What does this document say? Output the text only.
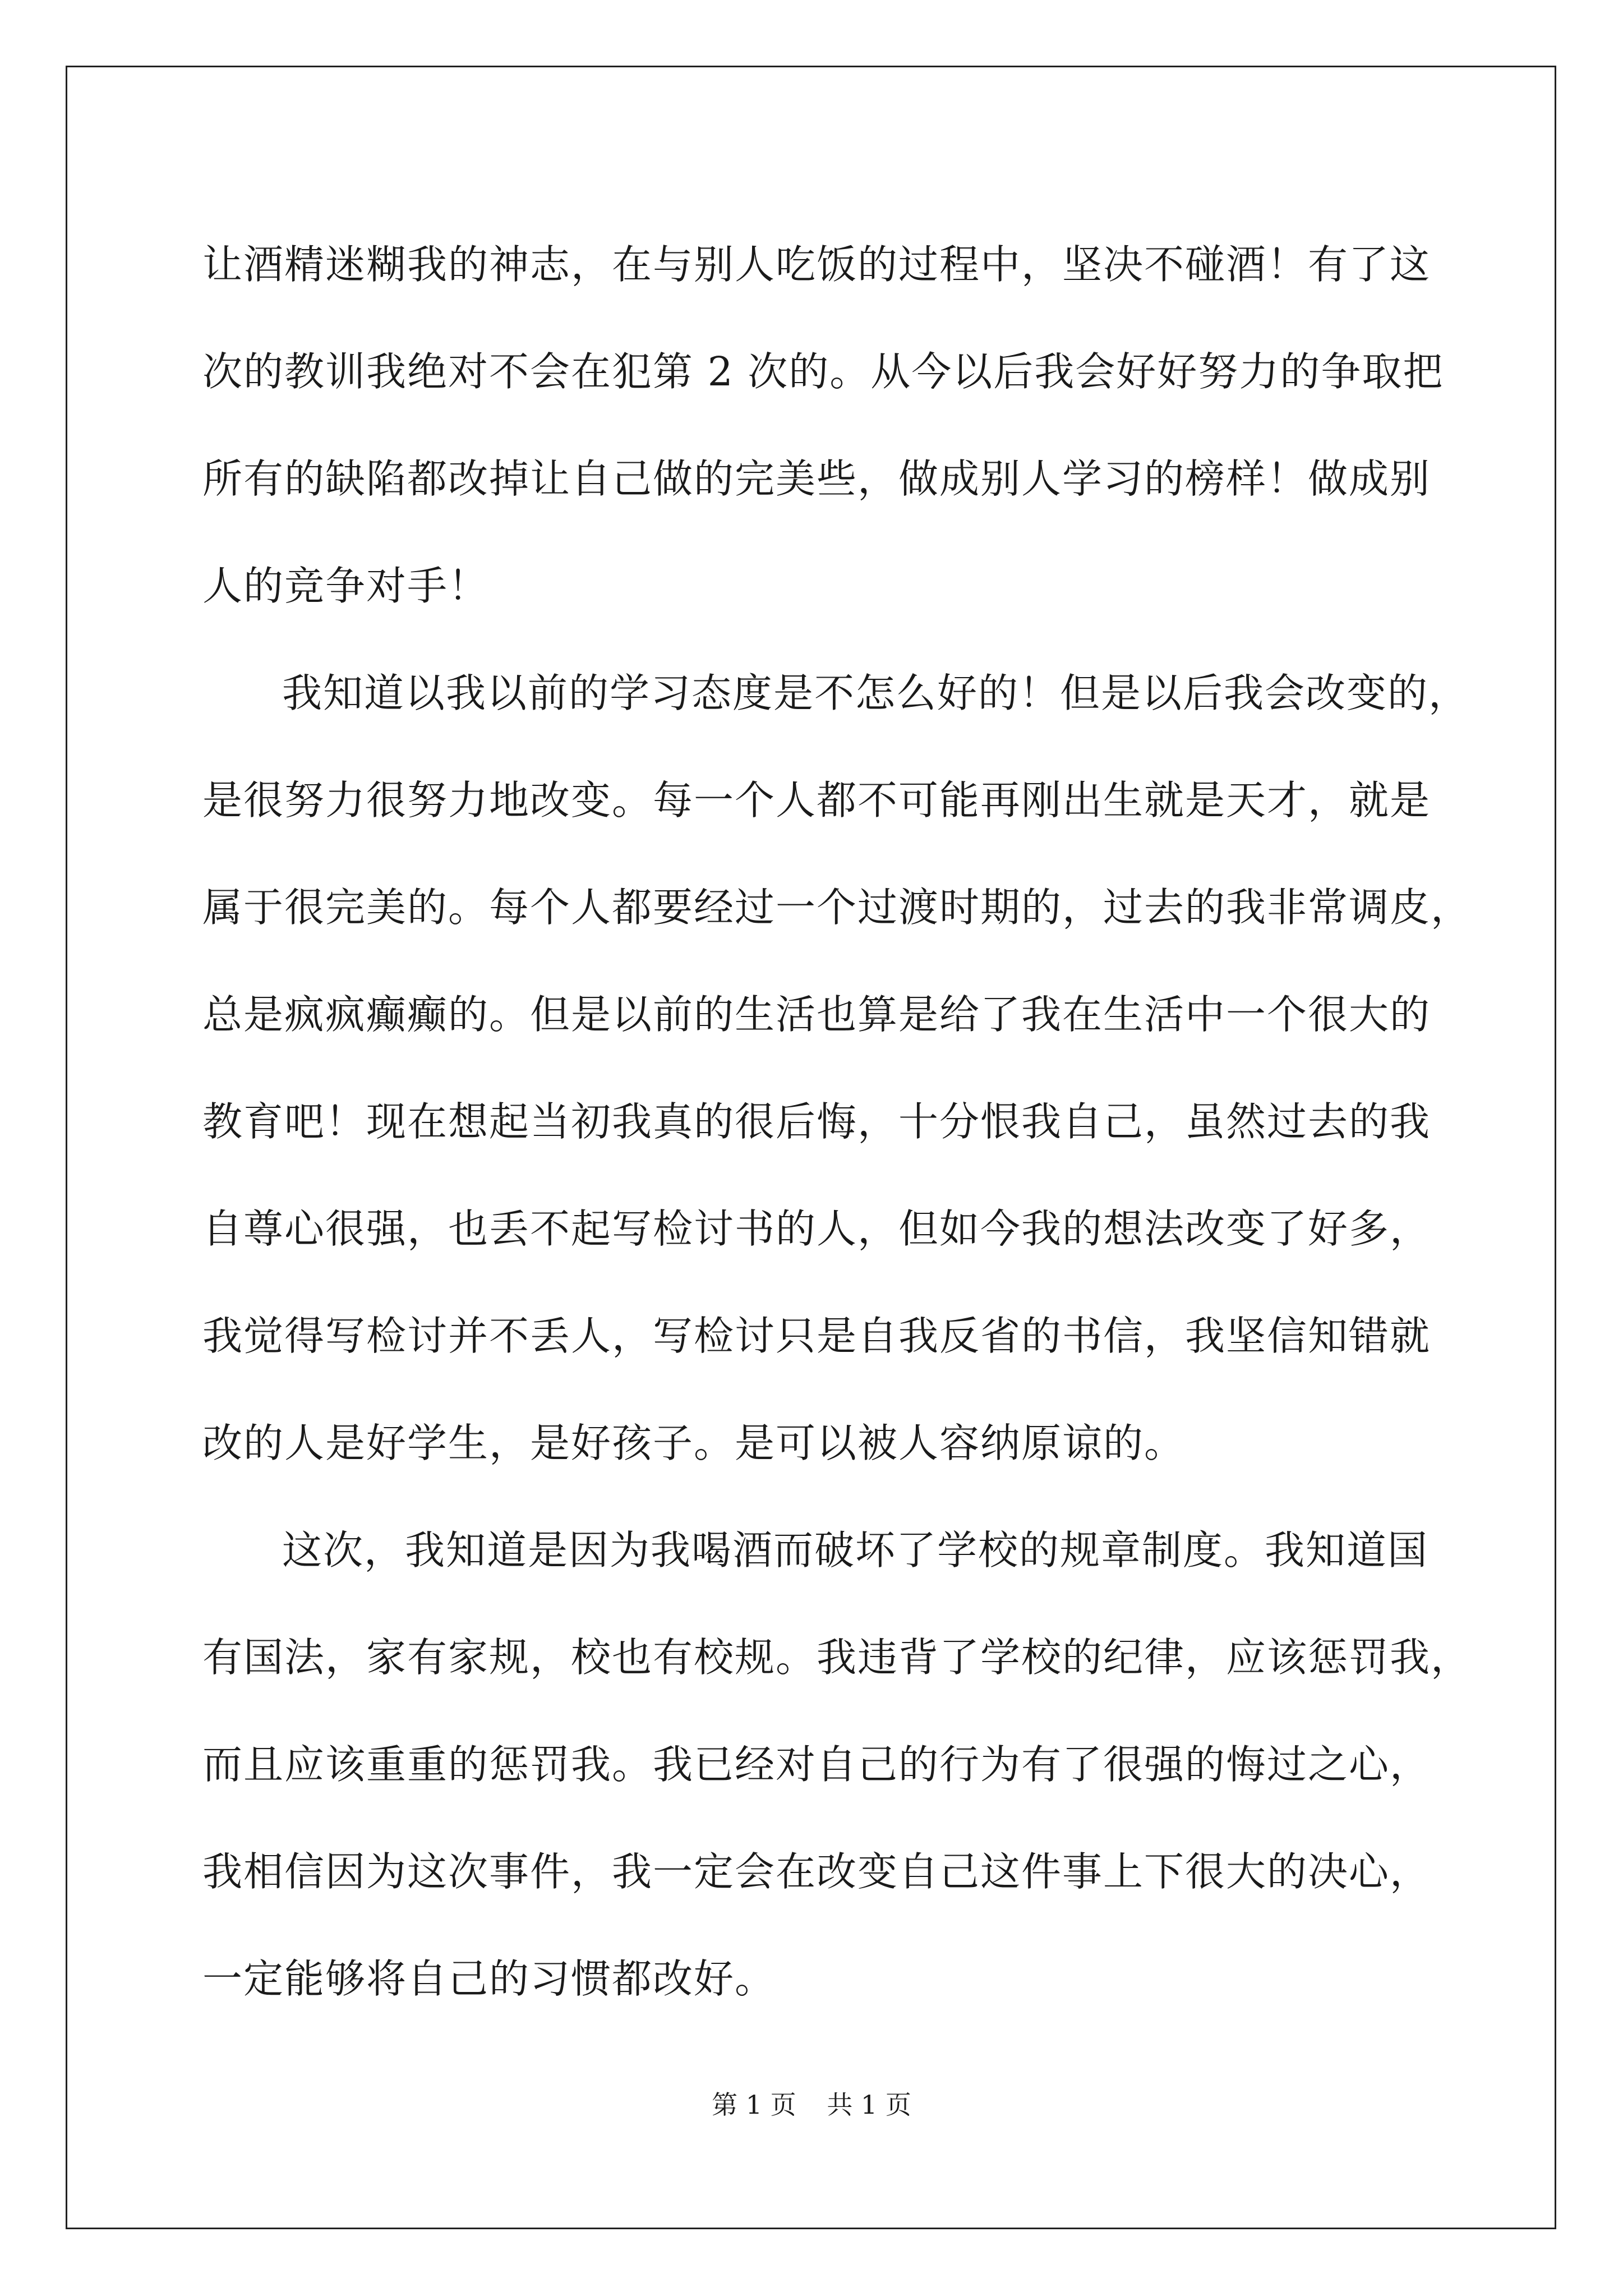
让酒精迷糊我的神志，在与别人吃饭的过程中，坚决不碰酒！有了这
次的教训我绝对不会在犯第 2 次的。从今以后我会好好努力的争取把
所有的缺陷都改掉让自己做的完美些，做成别人学习的榜样！做成别
人的竞争对手！
我知道以我以前的学习态度是不怎么好的！但是以后我会改变的，
是很努力很努力地改变。每一个人都不可能再刚出生就是天才，就是
属于很完美的。每个人都要经过一个过渡时期的，过去的我非常调皮，
总是疯疯癫癫的。但是以前的生活也算是给了我在生活中一个很大的
教育吧！现在想起当初我真的很后悔，十分恨我自己，虽然过去的我
自尊心很强，也丢不起写检讨书的人，但如今我的想法改变了好多，
我觉得写检讨并不丢人，写检讨只是自我反省的书信，我坚信知错就
改的人是好学生，是好孩子。是可以被人容纳原谅的。
这次，我知道是因为我喝酒而破坏了学校的规章制度。我知道国
有国法，家有家规，校也有校规。我违背了学校的纪律，应该惩罚我，
而且应该重重的惩罚我。我已经对自己的行为有了很强的悔过之心，
我相信因为这次事件，我一定会在改变自己这件事上下很大的决心，
一定能够将自己的习惯都改好。
第 1 页 共 1 页
